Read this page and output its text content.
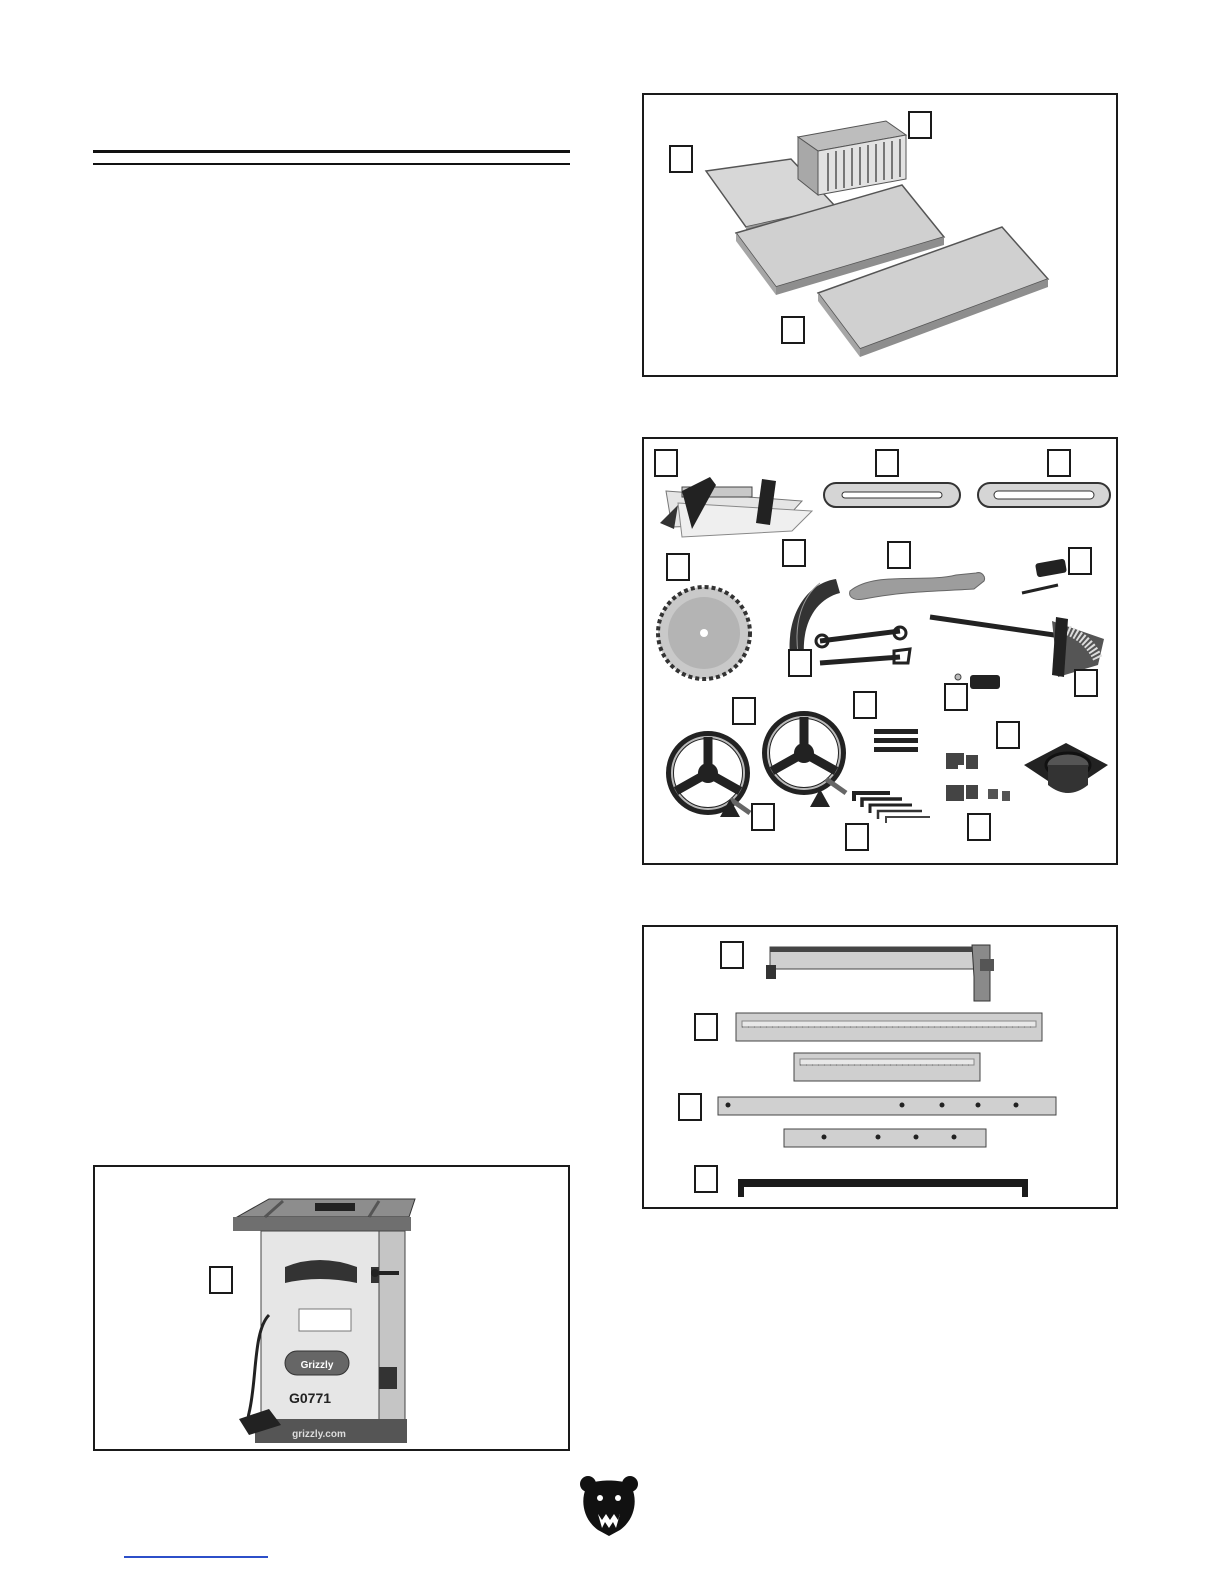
Grizzly
G0771
grizzly.com
